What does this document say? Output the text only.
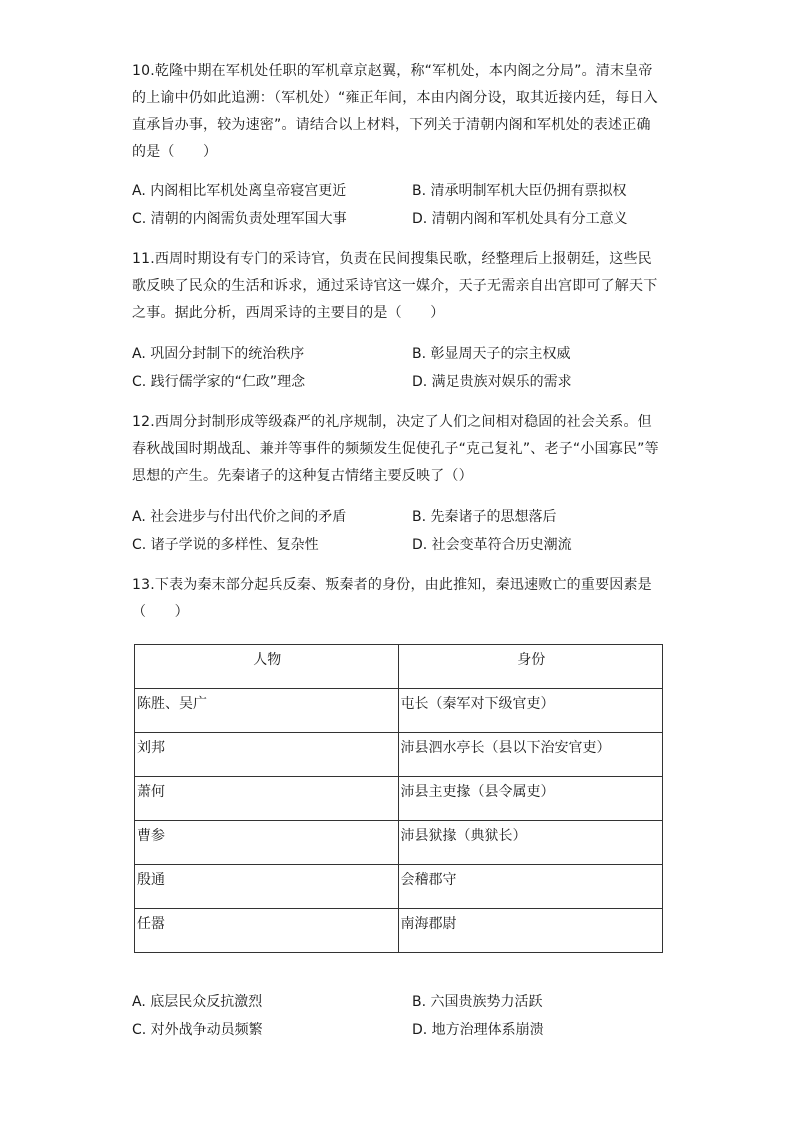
10.乾隆中期在军机处任职的军机章京赵翼，称“军机处，本内阁之分局”。清末皇帝的上谕中仍如此追溯：（军机处）“雍正年间，本由内阁分设，取其近接内廷，每日入直承旨办事，较为速密”。请结合以上材料，下列关于清朝内阁和军机处的表述正确的是（　　）
A. 内阁相比军机处离皇帝寝宫更近	B. 清承明制军机大臣仍拥有票拟权
C. 清朝的内阁需负责处理军国大事	D. 清朝内阁和军机处具有分工意义
11.西周时期设有专门的采诗官，负责在民间搜集民歌，经整理后上报朝廷，这些民歌反映了民众的生活和诉求，通过采诗官这一媒介，天子无需亲自出宫即可了解天下之事。据此分析，西周采诗的主要目的是（　　）
A. 巩固分封制下的统治秩序	B. 彰显周天子的宗主权威
C. 践行儒学家的“仁政”理念	D. 满足贵族对娱乐的需求
12.西周分封制形成等级森严的礼序规制，决定了人们之间相对稳固的社会关系。但春秋战国时期战乱、兼并等事件的频频发生促使孔子“克己复礼”、老子“小国寡民”等思想的产生。先秦诸子的这种复古情绪主要反映了（）
A. 社会进步与付出代价之间的矛盾	B. 先秦诸子的思想落后
C. 诸子学说的多样性、复杂性	D. 社会变革符合历史潮流
13.下表为秦末部分起兵反秦、叛秦者的身份，由此推知，秦迅速败亡的重要因素是（　　）
人物	身份
陈胜、吴广	屯长（秦军对下级官吏）
刘邦	沛县泗水亭长（县以下治安官吏）
萧何	沛县主吏掾（县令属吏）
曹参	沛县狱掾（典狱长）
殷通	会稽郡守
任嚣	南海郡尉
A. 底层民众反抗激烈	B. 六国贵族势力活跃
C. 对外战争动员频繁	D. 地方治理体系崩溃
